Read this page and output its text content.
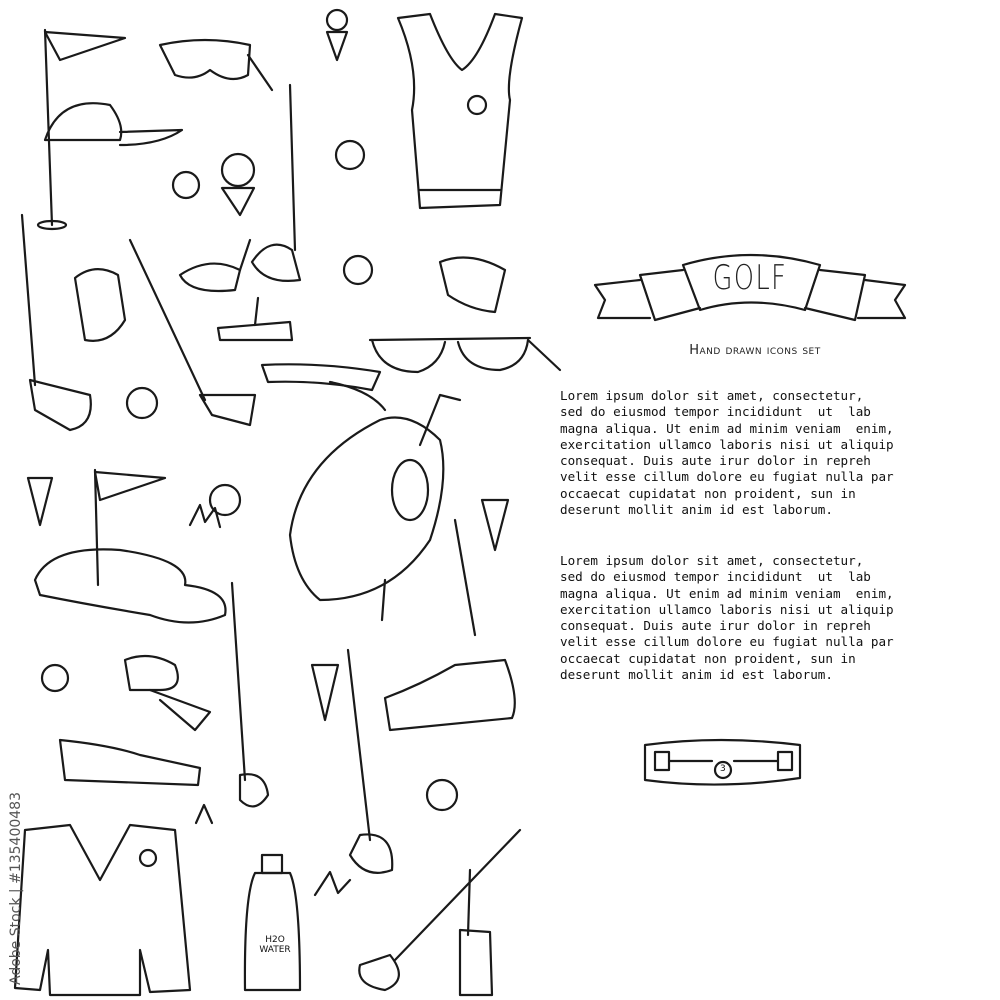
GOLF
Hand drawn icons set
3
H2O WATER
Lorem ipsum dolor sit amet, consectetur,
sed do eiusmod tempor incididunt  ut  lab
magna aliqua. Ut enim ad minim veniam  enim,
exercitation ullamco laboris nisi ut aliquip
consequat. Duis aute irur dolor in repreh
velit esse cillum dolore eu fugiat nulla par
occaecat cupidatat non proident, sun in
deserunt mollit anim id est laborum.
Lorem ipsum dolor sit amet, consectetur,
sed do eiusmod tempor incididunt  ut  lab
magna aliqua. Ut enim ad minim veniam  enim,
exercitation ullamco laboris nisi ut aliquip
consequat. Duis aute irur dolor in repreh
velit esse cillum dolore eu fugiat nulla par
occaecat cupidatat non proident, sun in
deserunt mollit anim id est laborum.
Adobe Stock | #135400483
